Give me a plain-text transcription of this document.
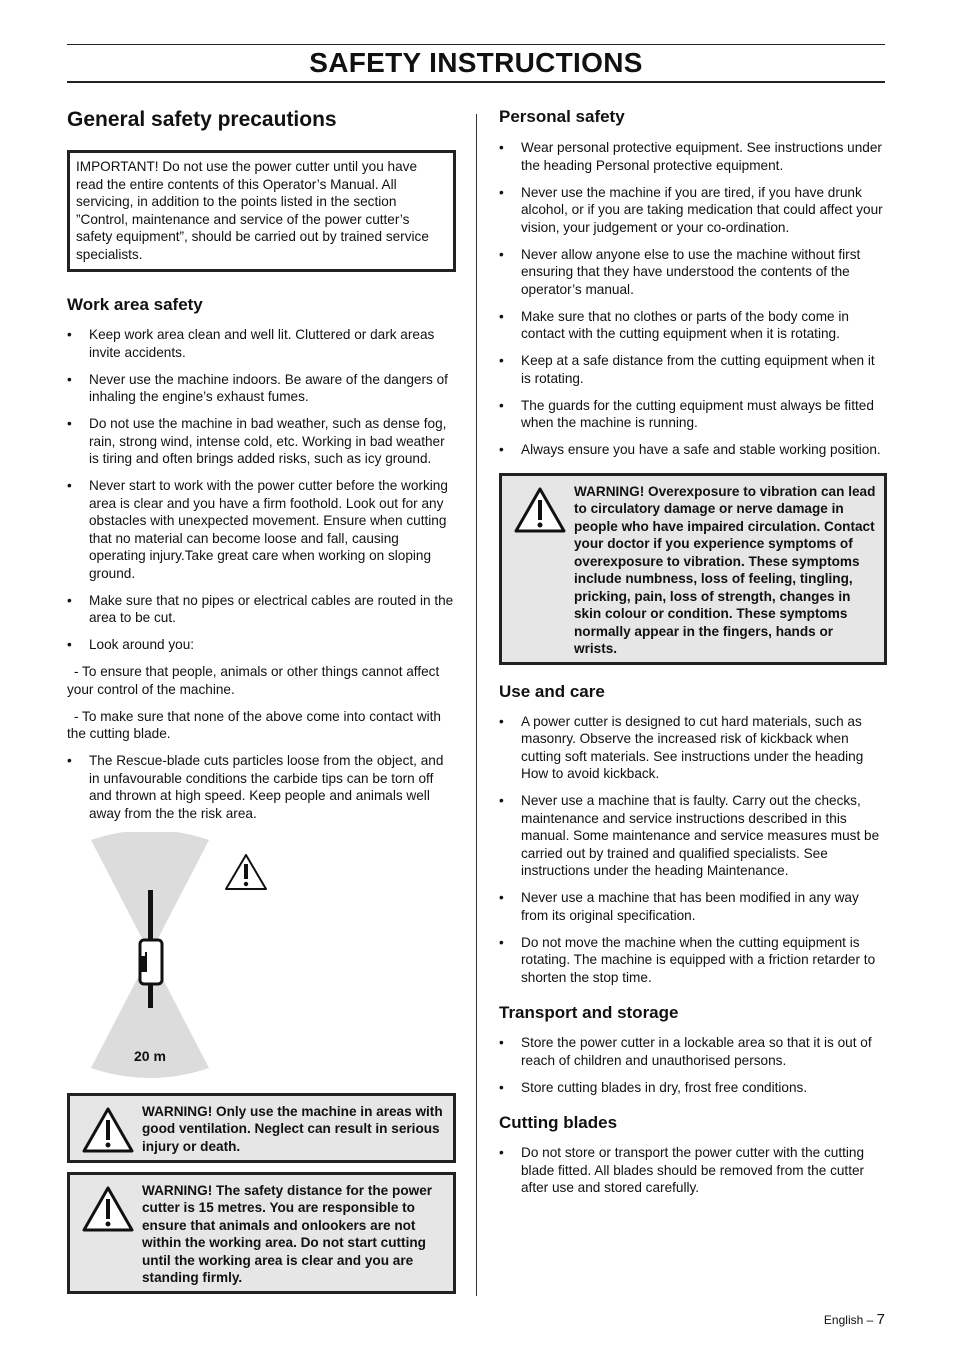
SAFETY INSTRUCTIONS
General safety precautions
IMPORTANT! Do not use the power cutter until you have read the entire contents of this Operator’s Manual. All servicing, in addition to the points listed in the section ”Control, maintenance and service of the power cutter’s safety equipment”, should be carried out by trained service specialists.
Work area safety
• Keep work area clean and well lit. Cluttered or dark areas invite accidents.
• Never use the machine indoors. Be aware of the dangers of inhaling the engine’s exhaust fumes.
• Do not use the machine in bad weather, such as dense fog, rain, strong wind, intense cold, etc. Working in bad weather is tiring and often brings added risks, such as icy ground.
• Never start to work with the power cutter before the working area is clear and you have a firm foothold. Look out for any obstacles with unexpected movement. Ensure when cutting that no material can become loose and fall, causing operating injury.Take great care when working on sloping ground.
• Make sure that no pipes or electrical cables are routed in the area to be cut.
• Look around you:

- To ensure that people, animals or other things cannot affect your control of the machine.

- To make sure that none of the above come into contact with the cutting blade.

• The Rescue-blade cuts particles loose from the object, and in unfavourable conditions the carbide tips can be torn off and thrown at high speed. Keep people and animals well away from the the risk area.
20 m
WARNING! Only use the machine in areas with good ventilation. Neglect can result in serious injury or death.
WARNING! The safety distance for the power cutter is 15 metres. You are responsible to ensure that animals and onlookers are not within the working area. Do not start cutting until the working area is clear and you are standing firmly.
Personal safety
• Wear personal protective equipment. See instructions under the heading Personal protective equipment.
• Never use the machine if you are tired, if you have drunk alcohol, or if you are taking medication that could affect your vision, your judgement or your co-ordination.
• Never allow anyone else to use the machine without first ensuring that they have understood the contents of the operator’s manual.
• Make sure that no clothes or parts of the body come in contact with the cutting equipment when it is rotating.
• Keep at a safe distance from the cutting equipment when it is rotating.
• The guards for the cutting equipment must always be fitted when the machine is running.
• Always ensure you have a safe and stable working position.
WARNING! Overexposure to vibration can lead to circulatory damage or nerve damage in people who have impaired circulation. Contact your doctor if you experience symptoms of overexposure to vibration. These symptoms include numbness, loss of feeling, tingling, pricking, pain, loss of strength, changes in skin colour or condition. These symptoms normally appear in the fingers, hands or wrists.
Use and care
• A power cutter is designed to cut hard materials, such as masonry. Observe the increased risk of kickback when cutting soft materials. See instructions under the heading How to avoid kickback.
• Never use a machine that is faulty. Carry out the checks, maintenance and service instructions described in this manual. Some maintenance and service measures must be carried out by trained and qualified specialists. See instructions under the heading Maintenance.
• Never use a machine that has been modified in any way from its original specification.
• Do not move the machine when the cutting equipment is rotating. The machine is equipped with a friction retarder to shorten the stop time.
Transport and storage
• Store the power cutter in a lockable area so that it is out of reach of children and unauthorised persons.
• Store cutting blades in dry, frost free conditions.
Cutting blades
• Do not store or transport the power cutter with the cutting blade fitted. All blades should be removed from the cutter after use and stored carefully.
English – 7
